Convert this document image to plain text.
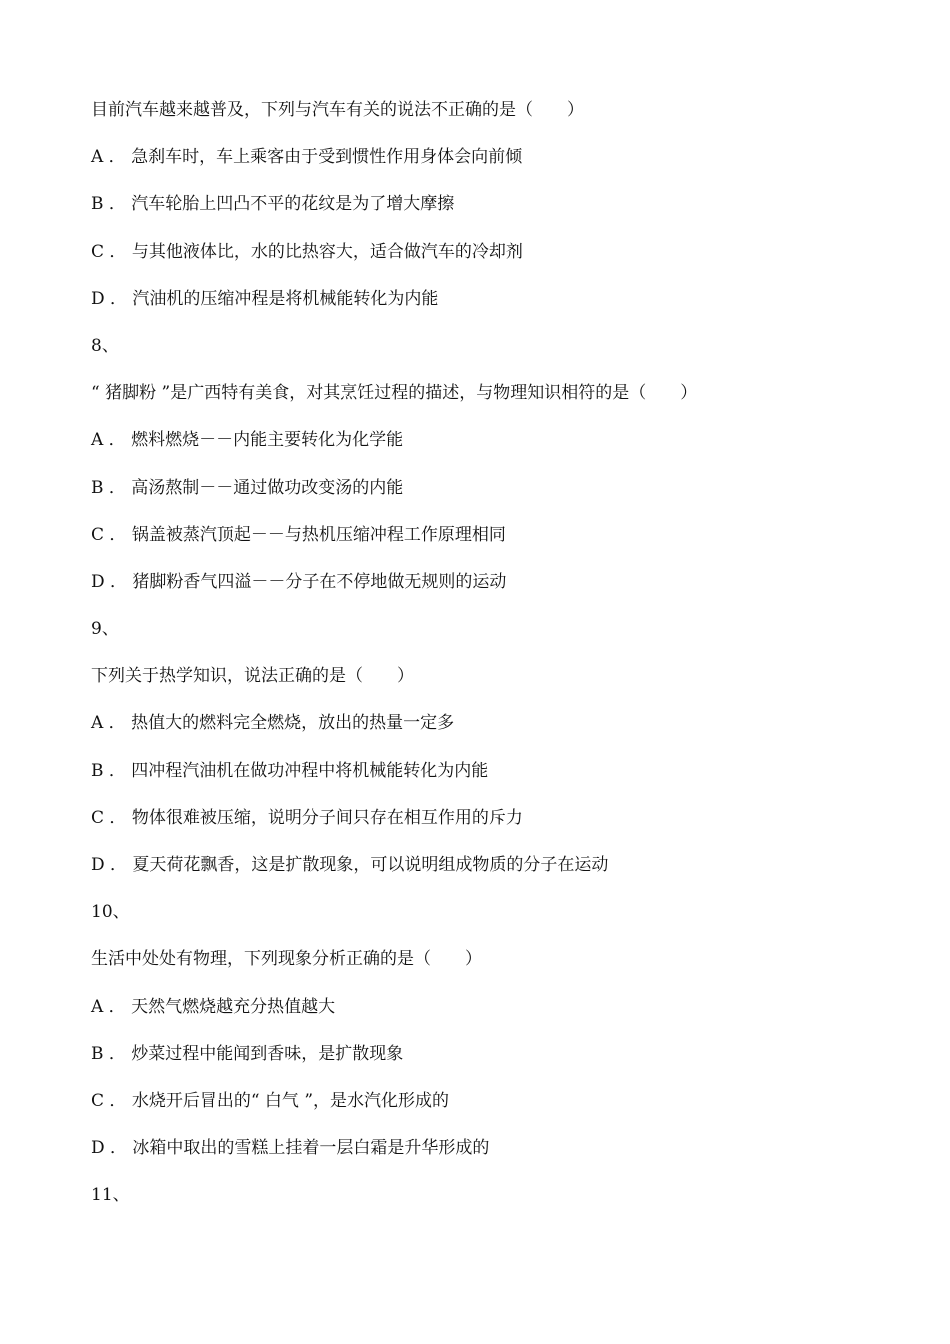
目前汽车越来越普及，下列与汽车有关的说法不正确的是（　　）
A ． 急刹车时，车上乘客由于受到惯性作用身体会向前倾
B ． 汽车轮胎上凹凸不平的花纹是为了增大摩擦
C ． 与其他液体比，水的比热容大，适合做汽车的冷却剂
D ． 汽油机的压缩冲程是将机械能转化为内能
8、
“ 猪脚粉 ”是广西特有美食，对其烹饪过程的描述，与物理知识相符的是（　　）
A ． 燃料燃烧－－内能主要转化为化学能
B ． 高汤熬制－－通过做功改变汤的内能
C ． 锅盖被蒸汽顶起－－与热机压缩冲程工作原理相同
D ． 猪脚粉香气四溢－－分子在不停地做无规则的运动
9、
下列关于热学知识，说法正确的是（　　）
A ． 热值大的燃料完全燃烧，放出的热量一定多
B ． 四冲程汽油机在做功冲程中将机械能转化为内能
C ． 物体很难被压缩，说明分子间只存在相互作用的斥力
D ． 夏天荷花飘香，这是扩散现象，可以说明组成物质的分子在运动
10、
生活中处处有物理，下列现象分析正确的是（　　）
A ． 天然气燃烧越充分热值越大
B ． 炒菜过程中能闻到香味，是扩散现象
C ． 水烧开后冒出的“ 白气 ”，是水汽化形成的
D ． 冰箱中取出的雪糕上挂着一层白霜是升华形成的
11、
